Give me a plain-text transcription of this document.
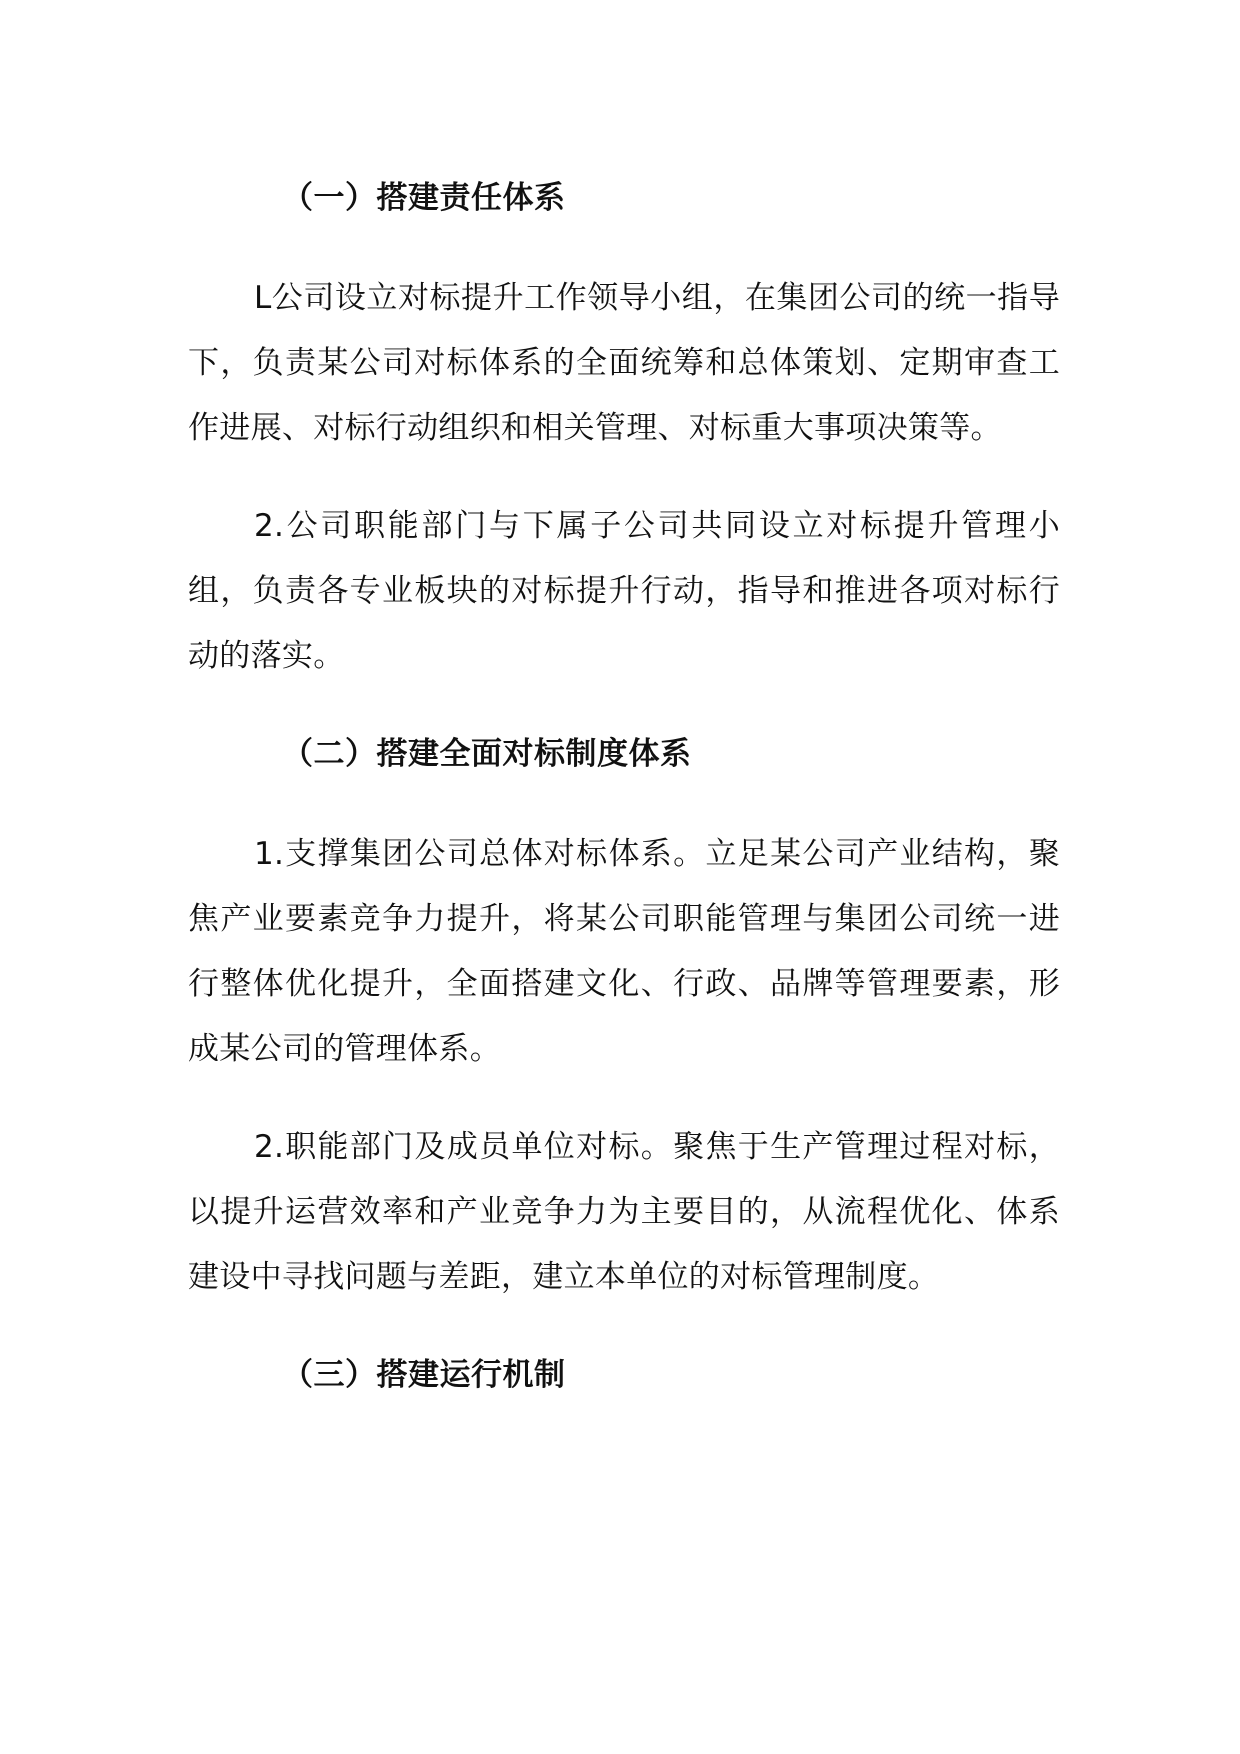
（一）搭建责任体系

L公司设立对标提升工作领导小组，在集团公司的统一指导下，负责某公司对标体系的全面统筹和总体策划、定期审查工作进展、对标行动组织和相关管理、对标重大事项决策等。

2.公司职能部门与下属子公司共同设立对标提升管理小组，负责各专业板块的对标提升行动，指导和推进各项对标行动的落实。

（二）搭建全面对标制度体系

1.支撑集团公司总体对标体系。立足某公司产业结构，聚焦产业要素竞争力提升，将某公司职能管理与集团公司统一进行整体优化提升，全面搭建文化、行政、品牌等管理要素，形成某公司的管理体系。

2.职能部门及成员单位对标。聚焦于生产管理过程对标，以提升运营效率和产业竞争力为主要目的，从流程优化、体系建设中寻找问题与差距，建立本单位的对标管理制度。

（三）搭建运行机制
